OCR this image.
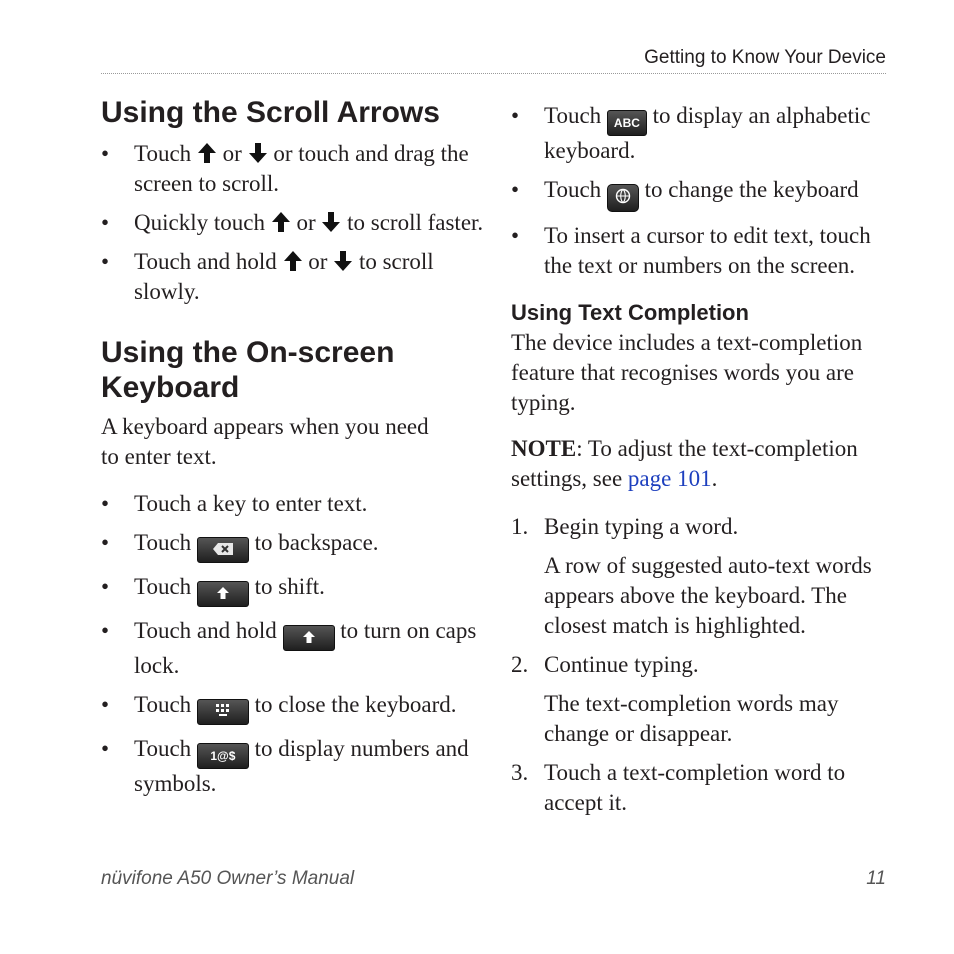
Getting to Know Your Device
Using the Scroll Arrows
• Touch or or touch and drag the screen to scroll.
• Quickly touch or to scroll faster.
• Touch and hold or to scroll slowly.
Using the On-screen Keyboard

A keyboard appears when you need to enter text.

• Touch a key to enter text.
• Touch	to backspace.
• Touch	to shift.
• Touch and hold	to turn on caps lock.
• Touch	to close the keyboard.
• Touch 1@$ to display numbers and symbols.
• Touch ABC to display an alphabetic keyboard.
• Touch to change the keyboard
• To insert a cursor to edit text, touch the text or numbers on the screen.
Using Text Completion

The device includes a text-completion feature that recognises words you are typing.

NOTE: To adjust the text-completion settings, see page 101.

1. Begin typing a word.
A row of suggested auto-text words appears above the keyboard. The closest match is highlighted.
2. Continue typing.
The text-completion words may change or disappear.
3. Touch a text-completion word to accept it.
nüvifone A50 Owner’s Manual	11
